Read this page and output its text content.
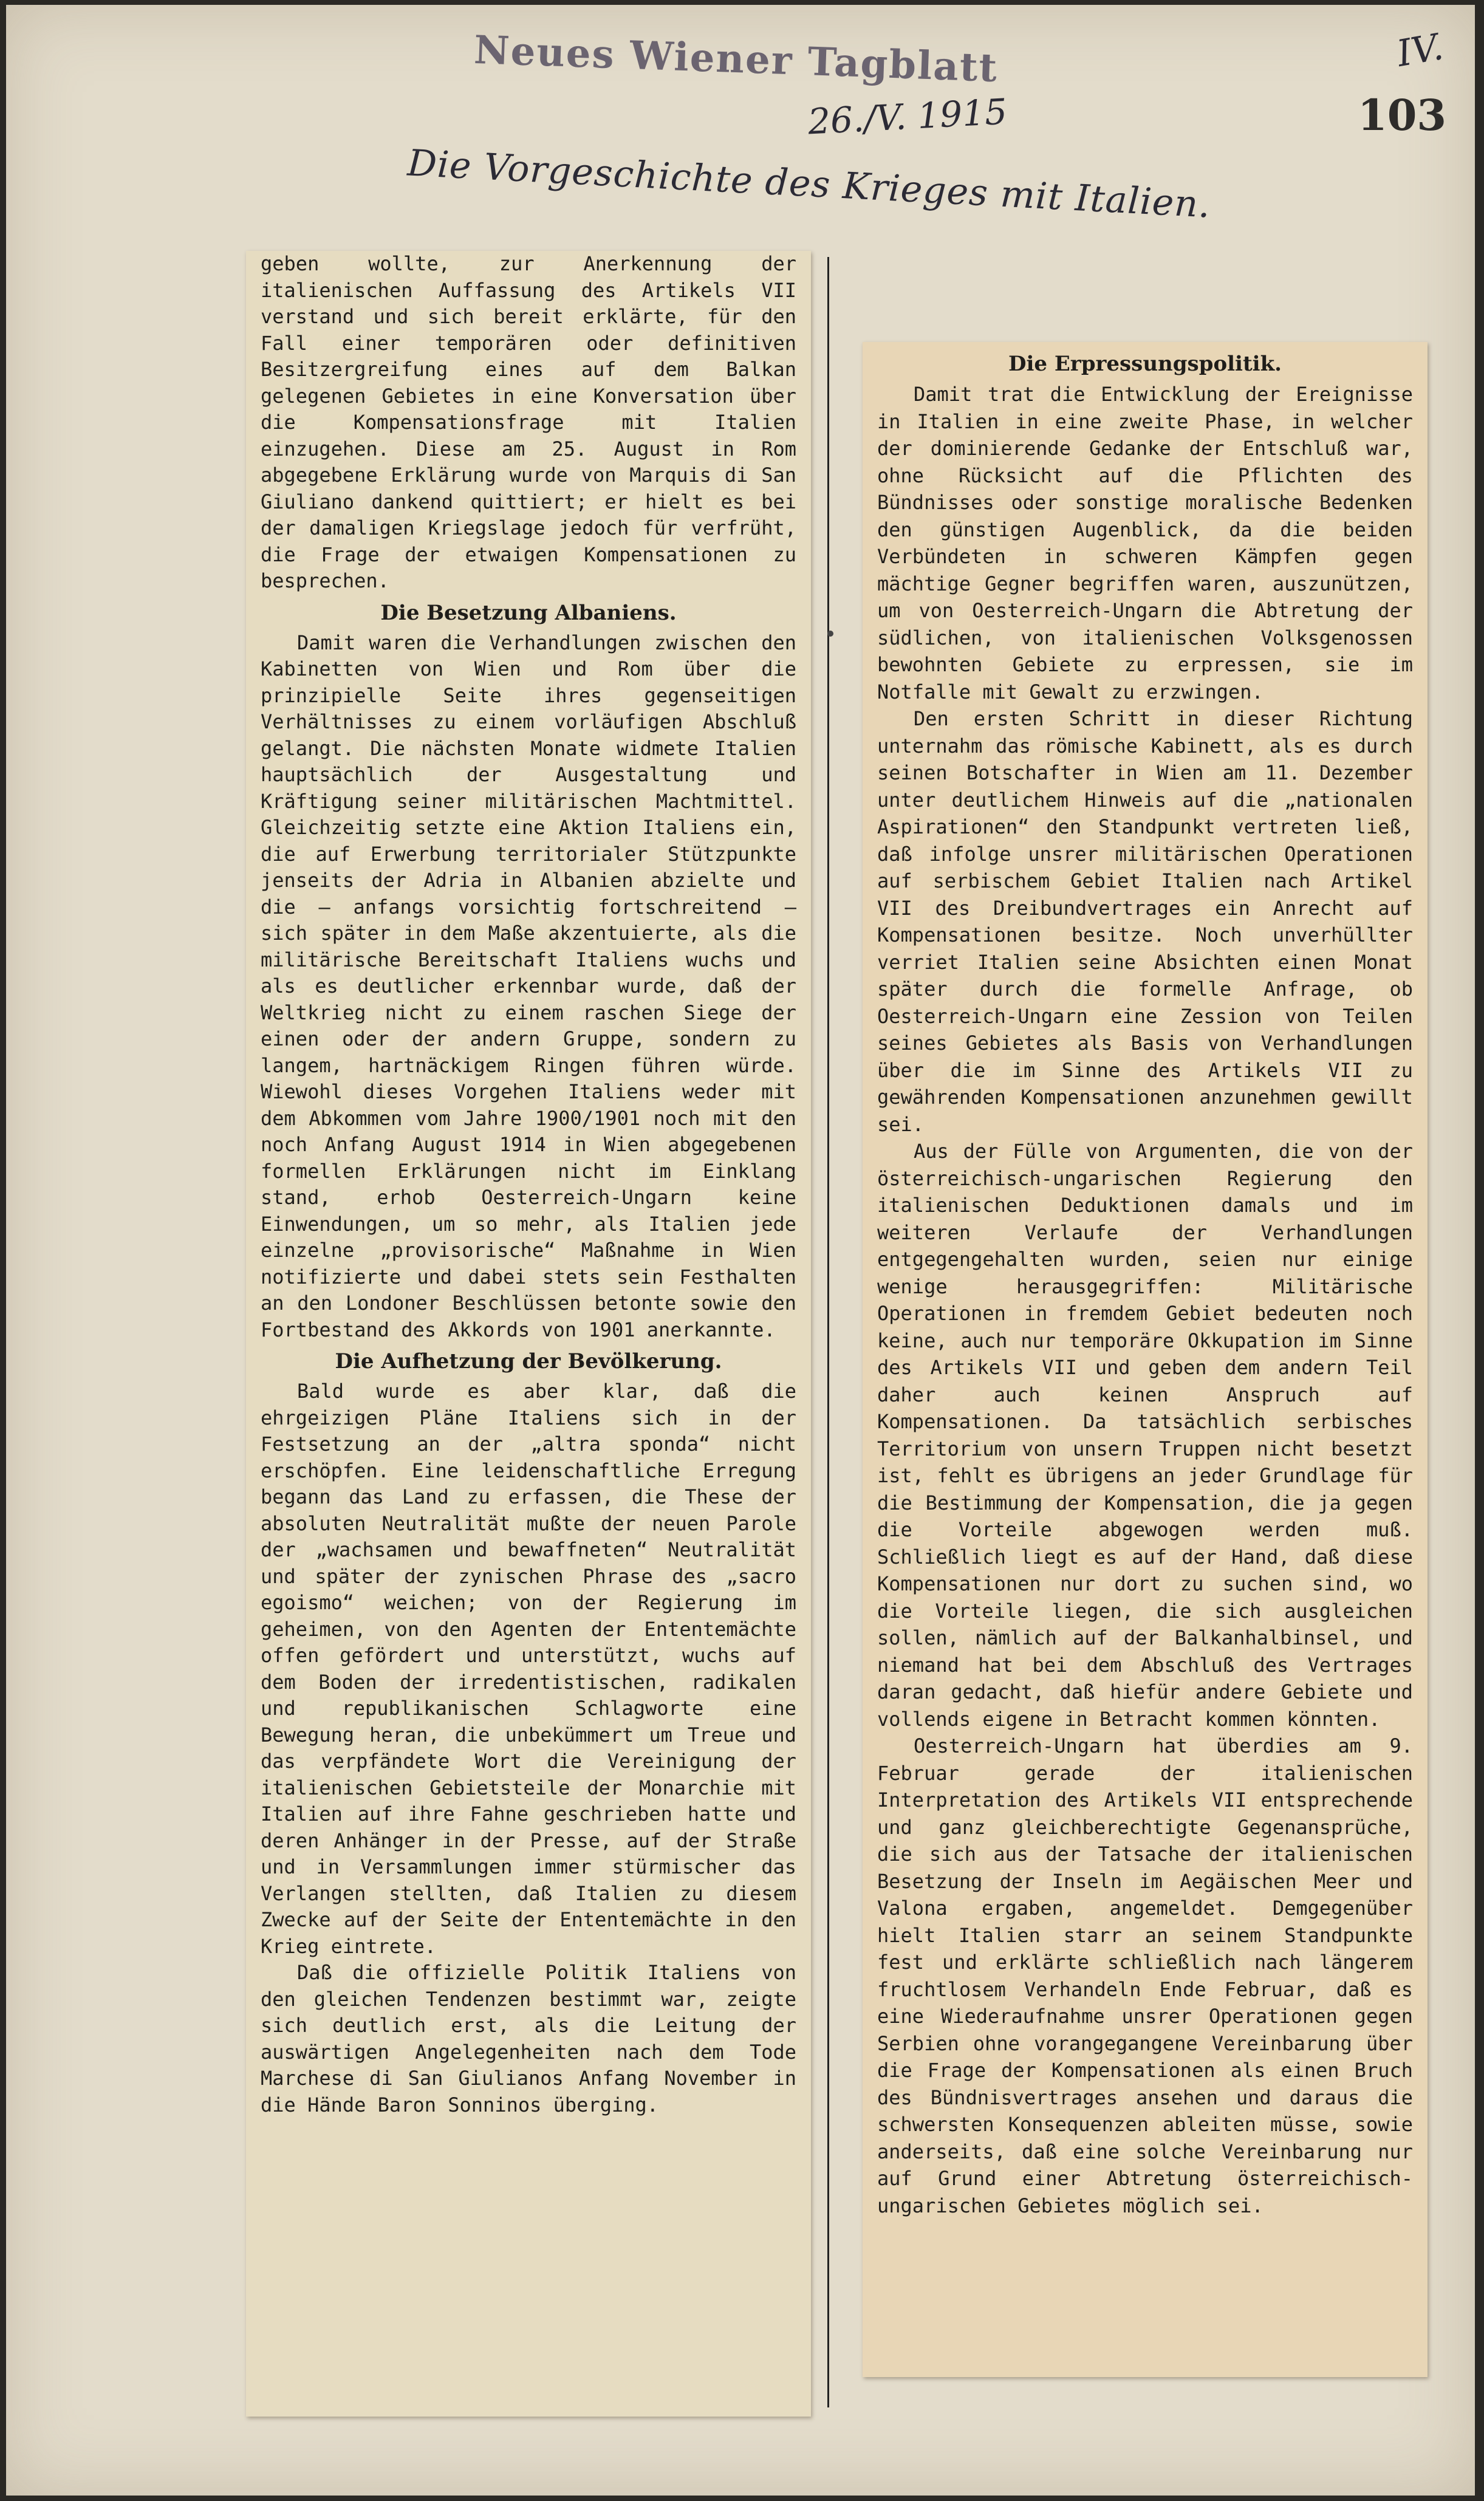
Neues Wiener Tagblatt	IV.
26./V. 1915	103
Die Vorgeschichte des Krieges mit Italien.

geben wollte, zur Anerkennung der italienischen Auffassung des Artikels VII verstand und sich bereit erklärte, für den Fall einer temporären oder definitiven Besitzergreifung eines auf dem Balkan gelegenen Gebietes in eine Konversation über die Kompensationsfrage mit Italien einzugehen. Diese am 25. August in Rom abgegebene Erklärung wurde von Marquis di San Giuliano dankend quittiert; er hielt es bei der damaligen Kriegslage jedoch für verfrüht, die Frage der etwaigen Kompensationen zu besprechen.

Die Besetzung Albaniens.

Damit waren die Verhandlungen zwischen den Kabinetten von Wien und Rom über die prinzipielle Seite ihres gegenseitigen Verhältnisses zu einem vorläufigen Abschluß gelangt. Die nächsten Monate widmete Italien hauptsächlich der Ausgestaltung und Kräftigung seiner militärischen Machtmittel. Gleichzeitig setzte eine Aktion Italiens ein, die auf Erwerbung territorialer Stützpunkte jenseits der Adria in Albanien abzielte und die — anfangs vorsichtig fortschreitend — sich später in dem Maße akzentuierte, als die militärische Bereitschaft Italiens wuchs und als es deutlicher erkennbar wurde, daß der Weltkrieg nicht zu einem raschen Siege der einen oder der andern Gruppe, sondern zu langem, hartnäckigem Ringen führen würde. Wiewohl dieses Vorgehen Italiens weder mit dem Abkommen vom Jahre 1900/1901 noch mit den noch Anfang August 1914 in Wien abgegebenen formellen Erklärungen nicht im Einklang stand, erhob Oesterreich-Ungarn keine Einwendungen, um so mehr, als Italien jede einzelne „provisorische“ Maßnahme in Wien notifizierte und dabei stets sein Festhalten an den Londoner Beschlüssen betonte sowie den Fortbestand des Akkords von 1901 anerkannte.

Die Aufhetzung der Bevölkerung.

Bald wurde es aber klar, daß die ehrgeizigen Pläne Italiens sich in der Festsetzung an der „altra sponda“ nicht erschöpfen. Eine leidenschaftliche Erregung begann das Land zu erfassen, die These der absoluten Neutralität mußte der neuen Parole der „wachsamen und bewaffneten“ Neutralität und später der zynischen Phrase des „sacro egoismo“ weichen; von der Regierung im geheimen, von den Agenten der Ententemächte offen gefördert und unterstützt, wuchs auf dem Boden der irredentistischen, radikalen und republikanischen Schlagworte eine Bewegung heran, die unbekümmert um Treue und das verpfändete Wort die Vereinigung der italienischen Gebietsteile der Monarchie mit Italien auf ihre Fahne geschrieben hatte und deren Anhänger in der Presse, auf der Straße und in Versammlungen immer stürmischer das Verlangen stellten, daß Italien zu diesem Zwecke auf der Seite der Ententemächte in den Krieg eintrete.

Daß die offizielle Politik Italiens von den gleichen Tendenzen bestimmt war, zeigte sich deutlich erst, als die Leitung der auswärtigen Angelegenheiten nach dem Tode Marchese di San Giulianos Anfang November in die Hände Baron Sonninos überging.

Die Erpressungspolitik.

Damit trat die Entwicklung der Ereignisse in Italien in eine zweite Phase, in welcher der dominierende Gedanke der Entschluß war, ohne Rücksicht auf die Pflichten des Bündnisses oder sonstige moralische Bedenken den günstigen Augenblick, da die beiden Verbündeten in schweren Kämpfen gegen mächtige Gegner begriffen waren, auszunützen, um von Oesterreich-Ungarn die Abtretung der südlichen, von italienischen Volksgenossen bewohnten Gebiete zu erpressen, sie im Notfalle mit Gewalt zu erzwingen.

Den ersten Schritt in dieser Richtung unternahm das römische Kabinett, als es durch seinen Botschafter in Wien am 11. Dezember unter deutlichem Hinweis auf die „nationalen Aspirationen“ den Standpunkt vertreten ließ, daß infolge unsrer militärischen Operationen auf serbischem Gebiet Italien nach Artikel VII des Dreibundvertrages ein Anrecht auf Kompensationen besitze. Noch unverhüllter verriet Italien seine Absichten einen Monat später durch die formelle Anfrage, ob Oesterreich-Ungarn eine Zession von Teilen seines Gebietes als Basis von Verhandlungen über die im Sinne des Artikels VII zu gewährenden Kompensationen anzunehmen gewillt sei.

Aus der Fülle von Argumenten, die von der österreichisch-ungarischen Regierung den italienischen Deduktionen damals und im weiteren Verlaufe der Verhandlungen entgegengehalten wurden, seien nur einige wenige herausgegriffen: Militärische Operationen in fremdem Gebiet bedeuten noch keine, auch nur temporäre Okkupation im Sinne des Artikels VII und geben dem andern Teil daher auch keinen Anspruch auf Kompensationen. Da tatsächlich serbisches Territorium von unsern Truppen nicht besetzt ist, fehlt es übrigens an jeder Grundlage für die Bestimmung der Kompensation, die ja gegen die Vorteile abgewogen werden muß. Schließlich liegt es auf der Hand, daß diese Kompensationen nur dort zu suchen sind, wo die Vorteile liegen, die sich ausgleichen sollen, nämlich auf der Balkanhalbinsel, und niemand hat bei dem Abschluß des Vertrages daran gedacht, daß hiefür andere Gebiete und vollends eigene in Betracht kommen könnten.

Oesterreich-Ungarn hat überdies am 9. Februar gerade der italienischen Interpretation des Artikels VII entsprechende und ganz gleichberechtigte Gegenansprüche, die sich aus der Tatsache der italienischen Besetzung der Inseln im Aegäischen Meer und Valona ergaben, angemeldet. Demgegenüber hielt Italien starr an seinem Standpunkte fest und erklärte schließlich nach längerem fruchtlosem Verhandeln Ende Februar, daß es eine Wiederaufnahme unsrer Operationen gegen Serbien ohne vorangegangene Vereinbarung über die Frage der Kompensationen als einen Bruch des Bündnisvertrages ansehen und daraus die schwersten Konsequenzen ableiten müsse, sowie anderseits, daß eine solche Vereinbarung nur auf Grund einer Abtretung österreichisch-ungarischen Gebietes möglich sei.
